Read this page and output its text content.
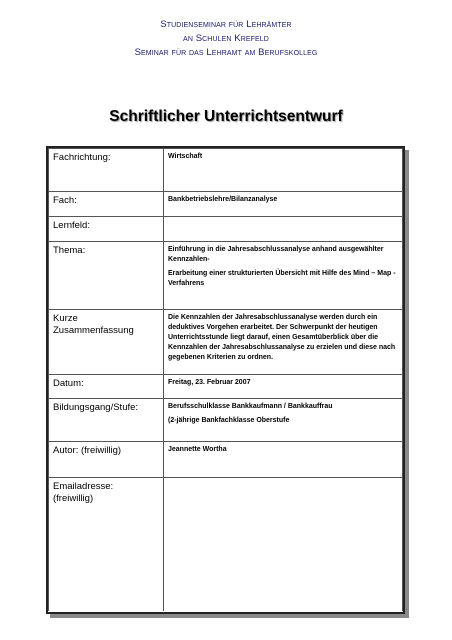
Studienseminar für Lehrämter
an Schulen Krefeld
Seminar für das Lehramt am Berufskolleg
Schriftlicher Unterrichtsentwurf
Fachrichtung:	Wirtschaft
Fach:	Bankbetriebslehre/Bilanzanalyse
Lernfeld:	
Thema:	Einführung in die Jahresabschlussanalyse anhand ausgewählter Kennzahlen-

Erarbeitung einer strukturierten Übersicht mit Hilfe des Mind – Map - Verfahrens

Kurze
Zusammenfassung	Die Kennzahlen der Jahresabschlussanalyse werden durch ein deduktives Vorgehen erarbeitet. Der Schwerpunkt der heutigen Unterrichtsstunde liegt darauf, einen Gesamtüberblick über die Kennzahlen der Jahresabschlussanalyse zu erzielen und diese nach gegebenen Kriterien zu ordnen.
Datum:	Freitag, 23. Februar 2007
Bildungsgang/Stufe:	Berufsschulklasse Bankkaufmann / Bankkauffrau

(2-jährige Bankfachklasse Oberstufe

Autor: (freiwillig)	Jeannette Wortha

Emailadresse:
(freiwillig)	
